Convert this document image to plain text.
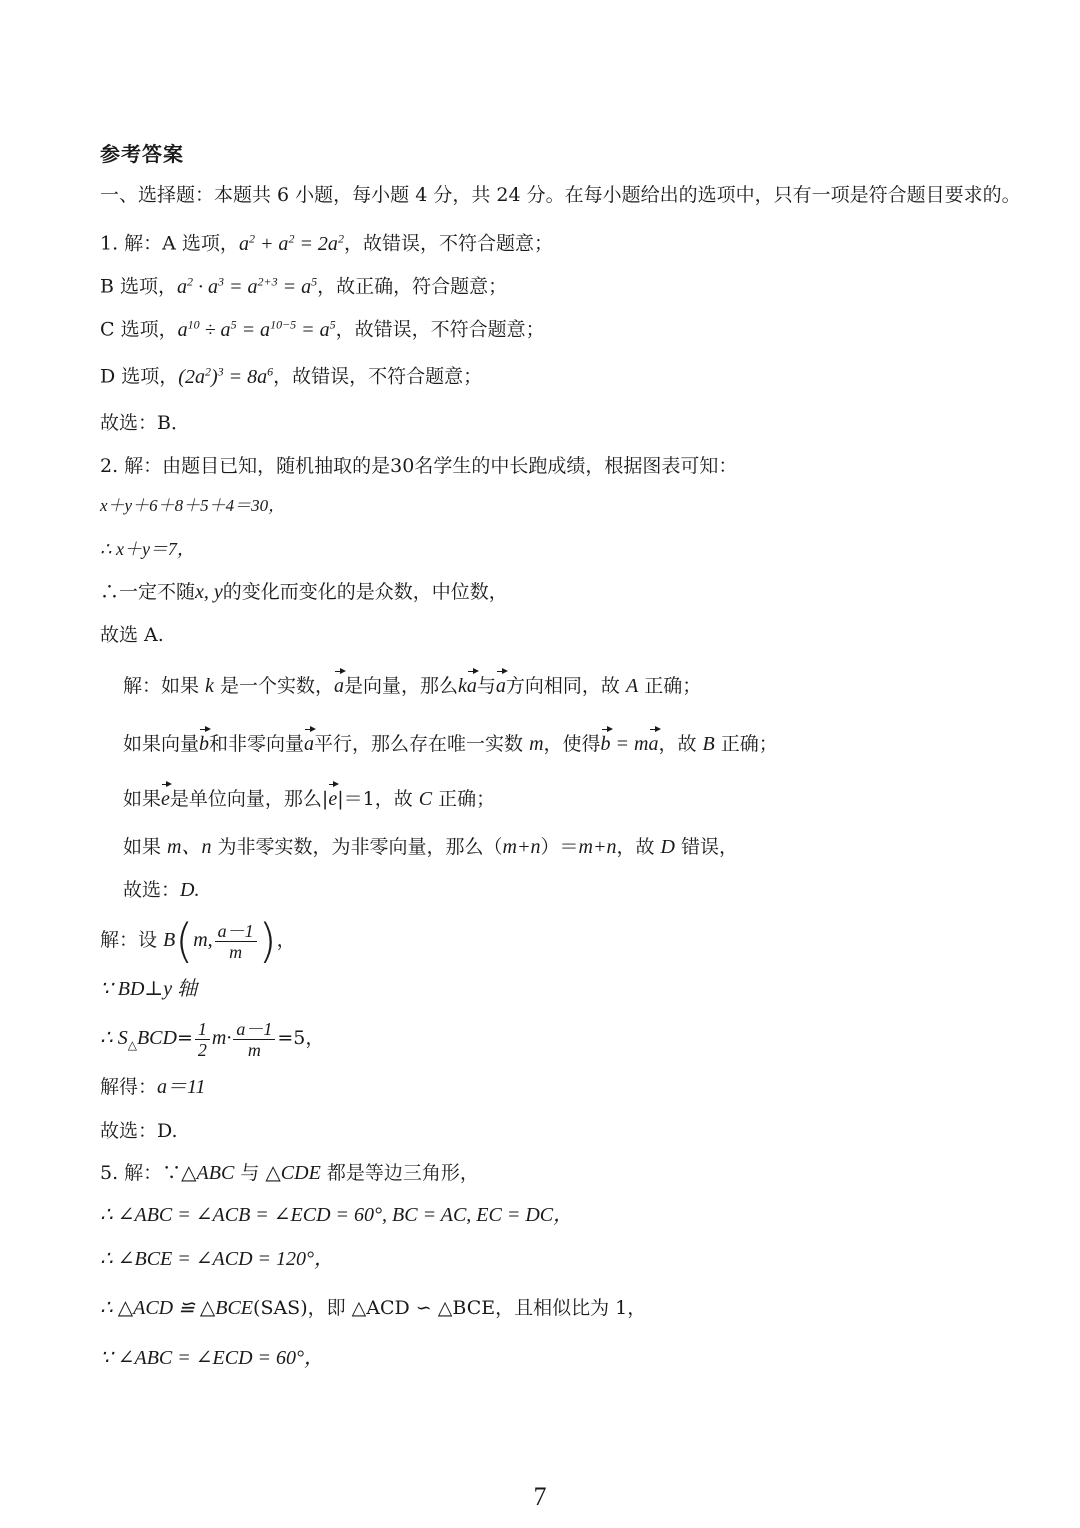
参考答案
一、选择题：本题共 6 小题，每小题 4 分，共 24 分。在每小题给出的选项中，只有一项是符合题目要求的。
1. 解：A 选项，$a^2 + a^2 = 2a^2$，故错误，不符合题意；
B 选项，$a^2 \cdot a^3 = a^{2+3} = a^5$，故正确，符合题意；
C 选项，$a^{10} \div a^5 = a^{10-5} = a^5$，故错误，不符合题意；
D 选项，$(2a^2)^3 = 8a^6$，故错误，不符合题意；
故选：B．
2. 解：由题目已知，随机抽取的是30名学生的中长跑成绩，根据图表可知：
x＋y＋6＋8＋5＋4＝30，
∴ x＋y＝7，
∴一定不随x, y的变化而变化的是众数，中位数，
故选 A.
解：如果 k 是一个实数，a是向量，那么ka与a方向相同，故 A 正确；
如果向量b和非零向量a平行，那么存在唯一实数 m，使得b = ma，故 B 正确；
如果e是单位向量，那么|e|＝1，故 C 正确；
如果 m、n 为非零实数，为非零向量，那么（m+n）＝m+n，故 D 错误，
故选：D.
解：设 B(m, $\frac{a-1}{m}$ )，
∵ BD⊥y 轴
∴ $S_\triangle BCD= \frac{1}{2} m\cdot \frac{a-1}{m} =5$，
解得：a＝11
故选：D.
5. 解：∵△ABC 与 △CDE 都是等边三角形，
∴ ∠ABC = ∠ACB = ∠ECD = 60°, BC = AC, EC = DC，
∴ ∠BCE = ∠ACD = 120°，
∴ △ACD ≌ △BCE(SAS)，即 △ACD ∽ △BCE，且相似比为 1，
∵ ∠ABC = ∠ECD = 60°，
7
